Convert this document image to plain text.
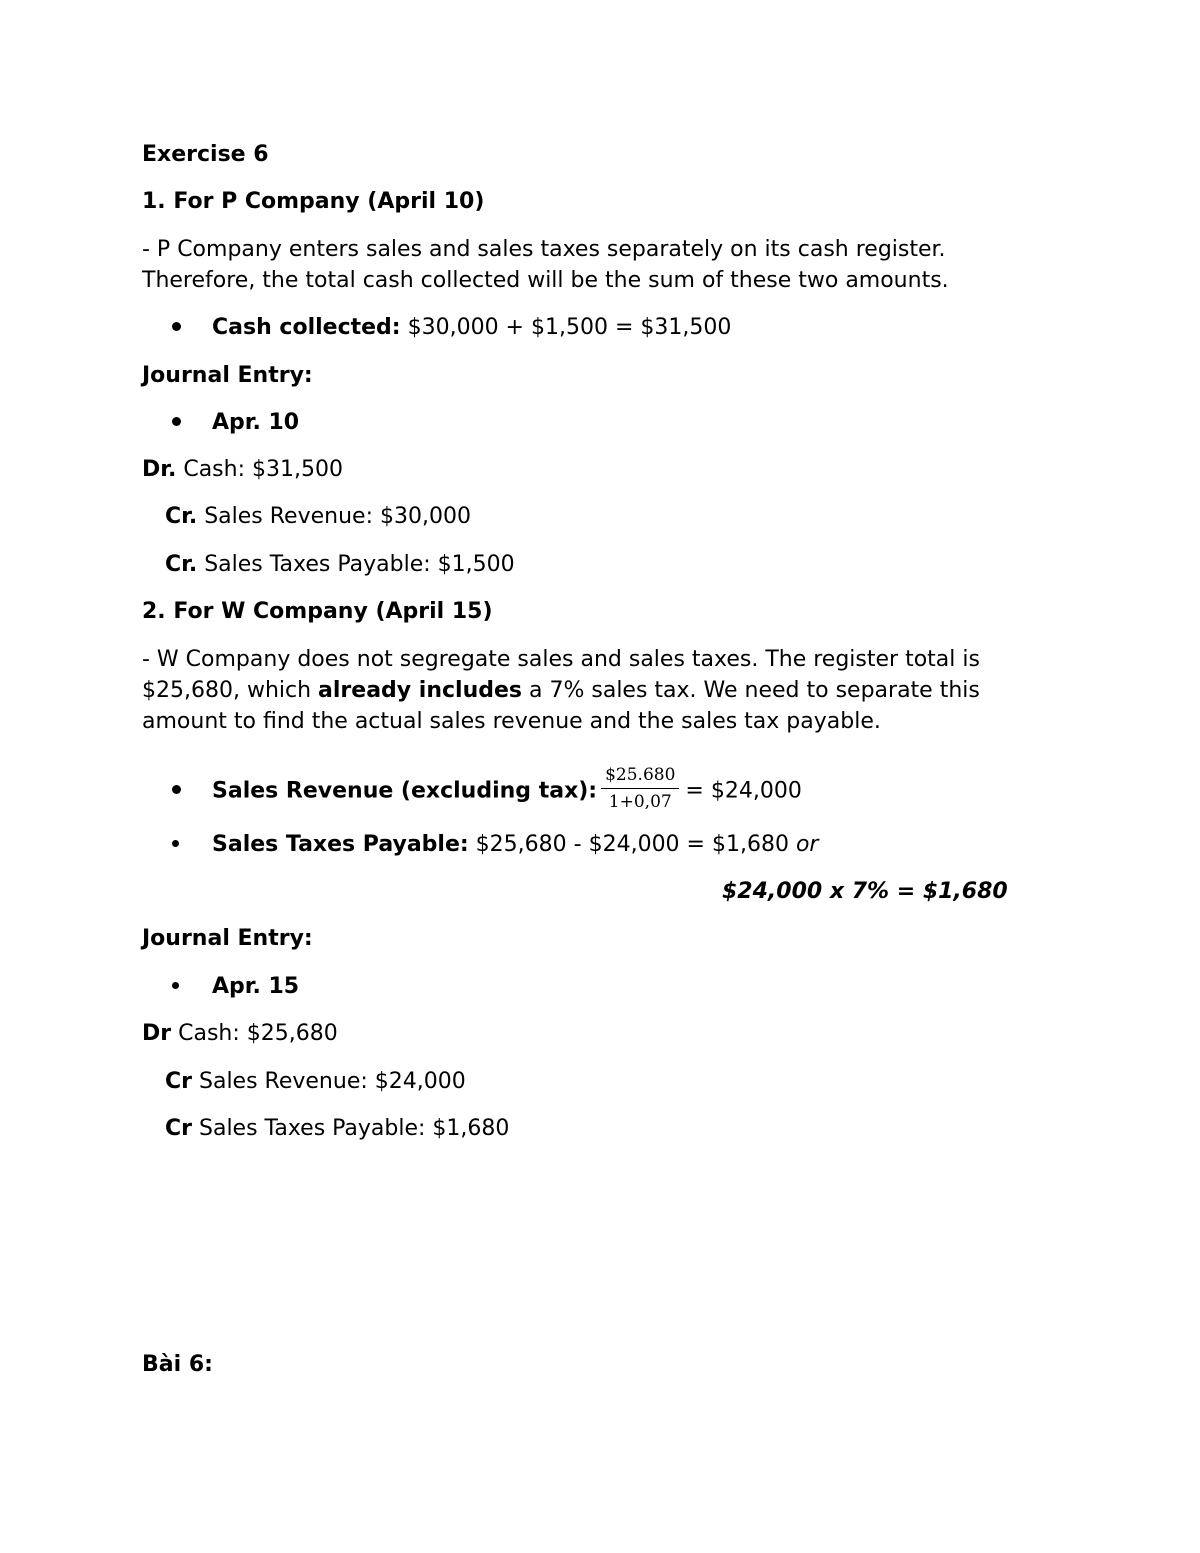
Exercise 6
1. For P Company (April 10)
- P Company enters sales and sales taxes separately on its cash register.
Therefore, the total cash collected will be the sum of these two amounts.
Cash collected: $30,000 + $1,500 = $31,500
Journal Entry:
Apr. 10
Dr. Cash: $31,500
Cr. Sales Revenue: $30,000
Cr. Sales Taxes Payable: $1,500
2. For W Company (April 15)
- W Company does not segregate sales and sales taxes. The register total is
$25,680, which already includes a 7% sales tax. We need to separate this
amount to find the actual sales revenue and the sales tax payable.
Sales Revenue (excluding tax): $\frac{\$25.680}{1+0,07}$ = $24,000
Sales Taxes Payable: $25,680 - $24,000 = $1,680 or
$24,000 x 7% = $1,680
Journal Entry:
Apr. 15
Dr Cash: $25,680
Cr Sales Revenue: $24,000
Cr Sales Taxes Payable: $1,680
Bài 6:
